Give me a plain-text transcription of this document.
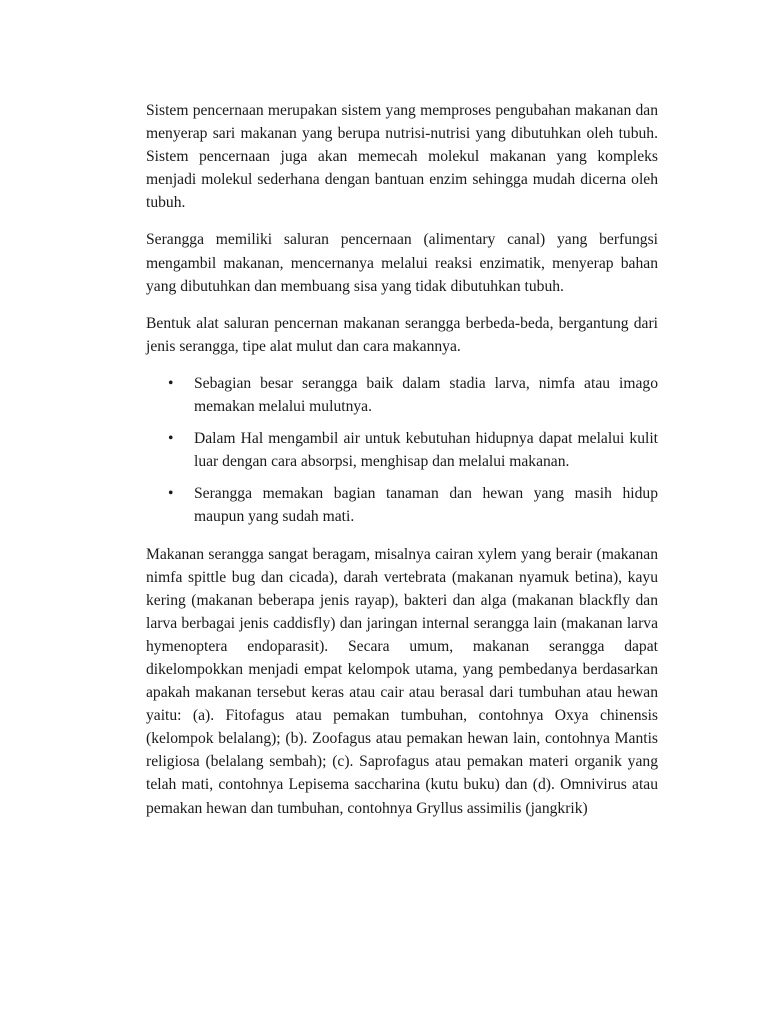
Sistem pencernaan merupakan sistem yang memproses pengubahan makanan dan menyerap sari makanan yang berupa nutrisi-nutrisi yang dibutuhkan oleh tubuh. Sistem pencernaan juga akan memecah molekul makanan yang kompleks menjadi molekul sederhana dengan bantuan enzim sehingga mudah dicerna oleh tubuh.

Serangga memiliki saluran pencernaan (alimentary canal) yang berfungsi mengambil makanan, mencernanya melalui reaksi enzimatik, menyerap bahan yang dibutuhkan dan membuang sisa yang tidak dibutuhkan tubuh.

Bentuk alat saluran pencernan makanan serangga berbeda-beda, bergantung dari jenis serangga, tipe alat mulut dan cara makannya.

• Sebagian besar serangga baik dalam stadia larva, nimfa atau imago memakan melalui mulutnya.
• Dalam Hal mengambil air untuk kebutuhan hidupnya dapat melalui kulit luar dengan cara absorpsi, menghisap dan melalui makanan.
• Serangga memakan bagian tanaman dan hewan yang masih hidup maupun yang sudah mati.

Makanan serangga sangat beragam, misalnya cairan xylem yang berair (makanan nimfa spittle bug dan cicada), darah vertebrata (makanan nyamuk betina), kayu kering (makanan beberapa jenis rayap), bakteri dan alga (makanan blackfly dan larva berbagai jenis caddisfly) dan jaringan internal serangga lain (makanan larva hymenoptera endoparasit). Secara umum, makanan serangga dapat dikelompokkan menjadi empat kelompok utama, yang pembedanya berdasarkan apakah makanan tersebut keras atau cair atau berasal dari tumbuhan atau hewan yaitu: (a). Fitofagus atau pemakan tumbuhan, contohnya Oxya chinensis (kelompok belalang); (b). Zoofagus atau pemakan hewan lain, contohnya Mantis religiosa (belalang sembah); (c). Saprofagus atau pemakan materi organik yang telah mati, contohnya Lepisema saccharina (kutu buku) dan (d). Omnivirus atau pemakan hewan dan tumbuhan, contohnya Gryllus assimilis (jangkrik)
